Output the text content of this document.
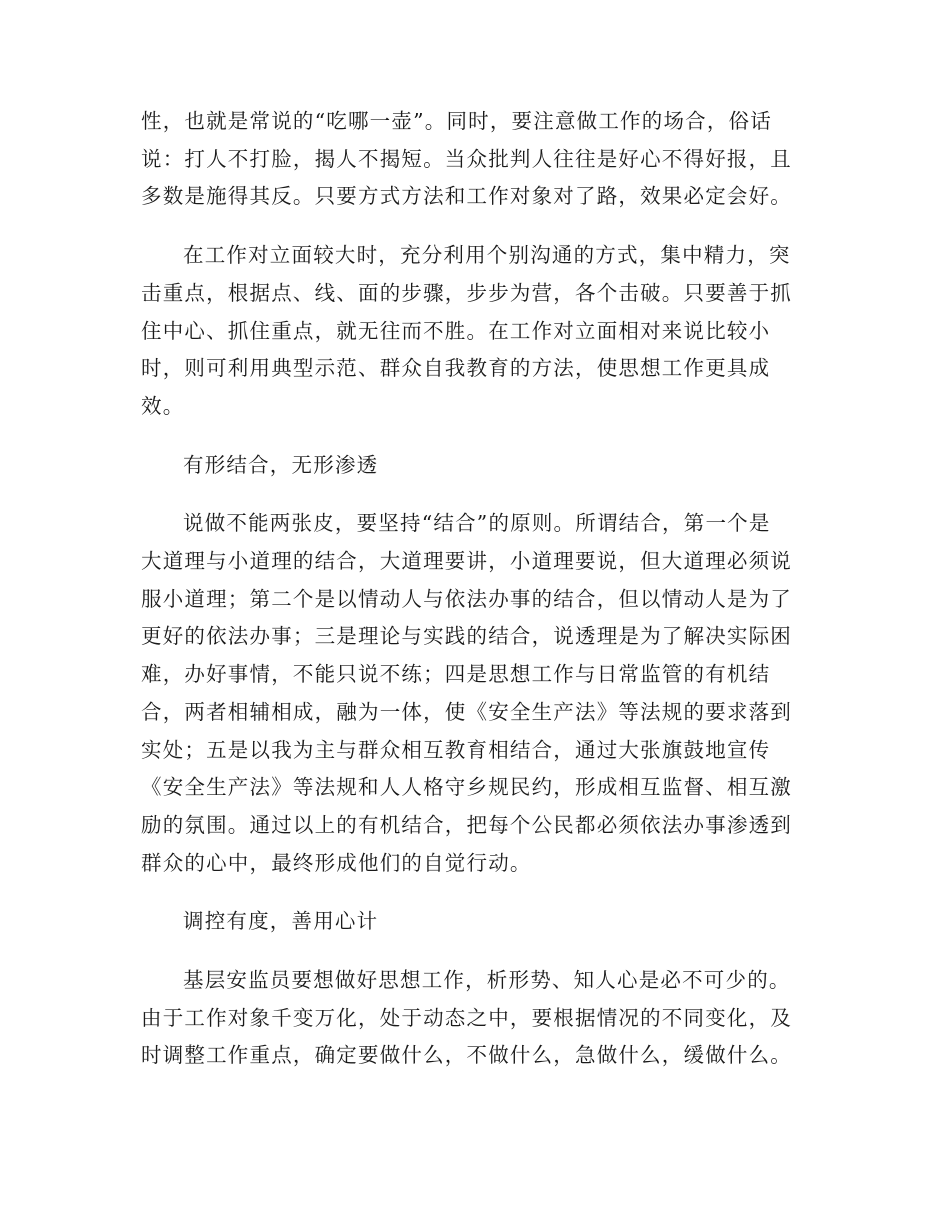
性，也就是常说的“吃哪一壶”。同时，要注意做工作的场合，俗话
说：打人不打脸，揭人不揭短。当众批判人往往是好心不得好报，且
多数是施得其反。只要方式方法和工作对象对了路，效果必定会好。

在工作对立面较大时，充分利用个别沟通的方式，集中精力，突
击重点，根据点、线、面的步骤，步步为营，各个击破。只要善于抓
住中心、抓住重点，就无往而不胜。在工作对立面相对来说比较小
时，则可利用典型示范、群众自我教育的方法，使思想工作更具成
效。

有形结合，无形渗透

说做不能两张皮，要坚持“结合”的原则。所谓结合，第一个是
大道理与小道理的结合，大道理要讲，小道理要说，但大道理必须说
服小道理；第二个是以情动人与依法办事的结合，但以情动人是为了
更好的依法办事；三是理论与实践的结合，说透理是为了解决实际困
难，办好事情，不能只说不练；四是思想工作与日常监管的有机结
合，两者相辅相成，融为一体，使《安全生产法》等法规的要求落到
实处；五是以我为主与群众相互教育相结合，通过大张旗鼓地宣传
《安全生产法》等法规和人人格守乡规民约，形成相互监督、相互激
励的氛围。通过以上的有机结合，把每个公民都必须依法办事渗透到
群众的心中，最终形成他们的自觉行动。

调控有度，善用心计

基层安监员要想做好思想工作，析形势、知人心是必不可少的。
由于工作对象千变万化，处于动态之中，要根据情况的不同变化，及
时调整工作重点，确定要做什么，不做什么，急做什么，缓做什么。
